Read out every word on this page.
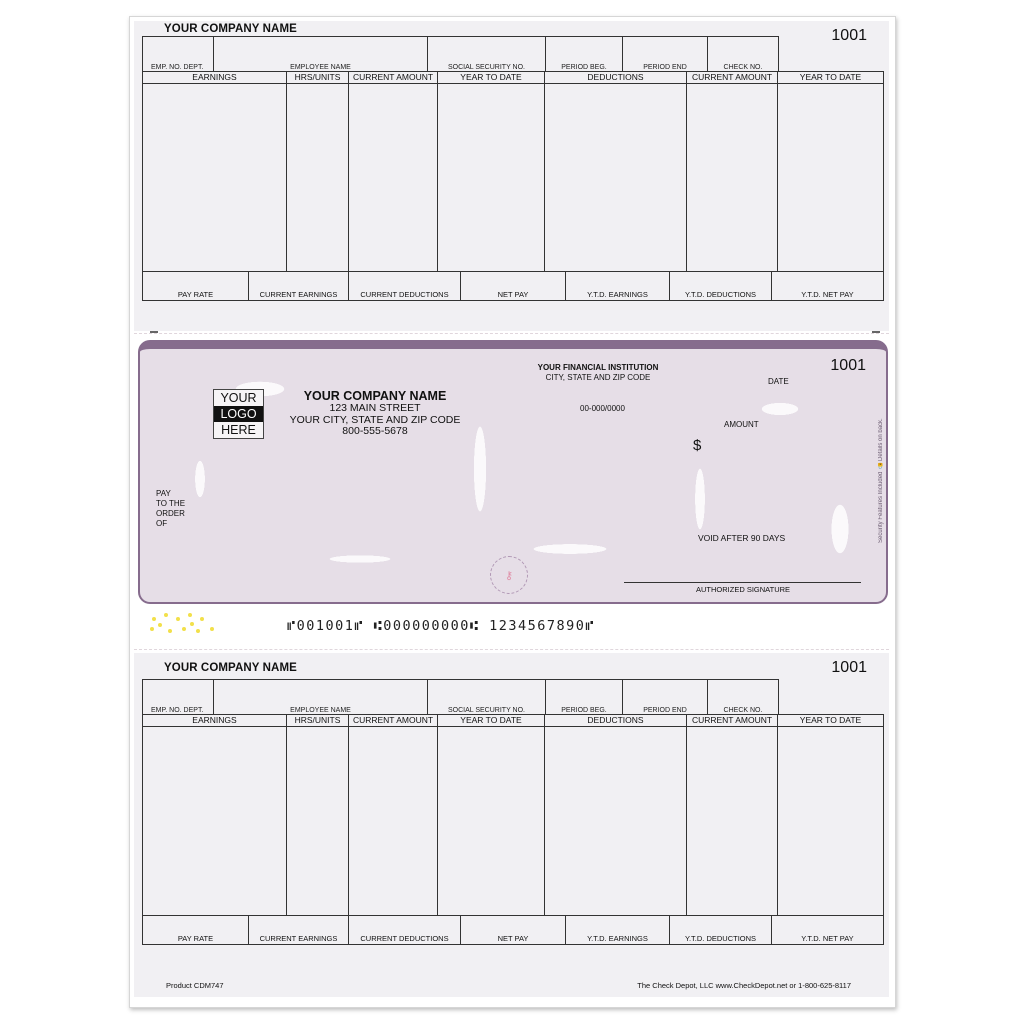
YOUR COMPANY NAME	1001
EMP. NO. DEPT.	EMPLOYEE NAME	SOCIAL SECURITY NO.	PERIOD BEG.	PERIOD END	CHECK NO.
EARNINGS	HRS/UNITS	CURRENT AMOUNT	YEAR TO DATE	DEDUCTIONS	CURRENT AMOUNT	YEAR TO DATE
PAY RATE	CURRENT EARNINGS	CURRENT DEDUCTIONS	NET PAY	Y.T.D. EARNINGS	Y.T.D. DEDUCTIONS	Y.T.D. NET PAY
THE FACE OF THIS DOCUMENT HAS A COLORED BACKGROUND ON WHITE PAPER
YOUR
LOGO
HERE
YOUR COMPANY NAME
123 MAIN STREET
YOUR CITY, STATE AND ZIP CODE
800-555-5678
YOUR FINANCIAL INSTITUTION
CITY, STATE AND ZIP CODE
00-000/0000
1001
DATE
AMOUNT
$
PAY
TO THE
ORDER
OF
⚷
VOID AFTER 90 DAYS
AUTHORIZED SIGNATURE
Security Features Included 🔒 Details on back.
⑈001001⑈ ⑆000000000⑆ 1234567890⑈
YOUR COMPANY NAME	1001
EMP. NO. DEPT.	EMPLOYEE NAME	SOCIAL SECURITY NO.	PERIOD BEG.	PERIOD END	CHECK NO.
EARNINGS	HRS/UNITS	CURRENT AMOUNT	YEAR TO DATE	DEDUCTIONS	CURRENT AMOUNT	YEAR TO DATE
PAY RATE	CURRENT EARNINGS	CURRENT DEDUCTIONS	NET PAY	Y.T.D. EARNINGS	Y.T.D. DEDUCTIONS	Y.T.D. NET PAY
Product CDM747	The Check Depot, LLC www.CheckDepot.net or 1-800-625-8117
